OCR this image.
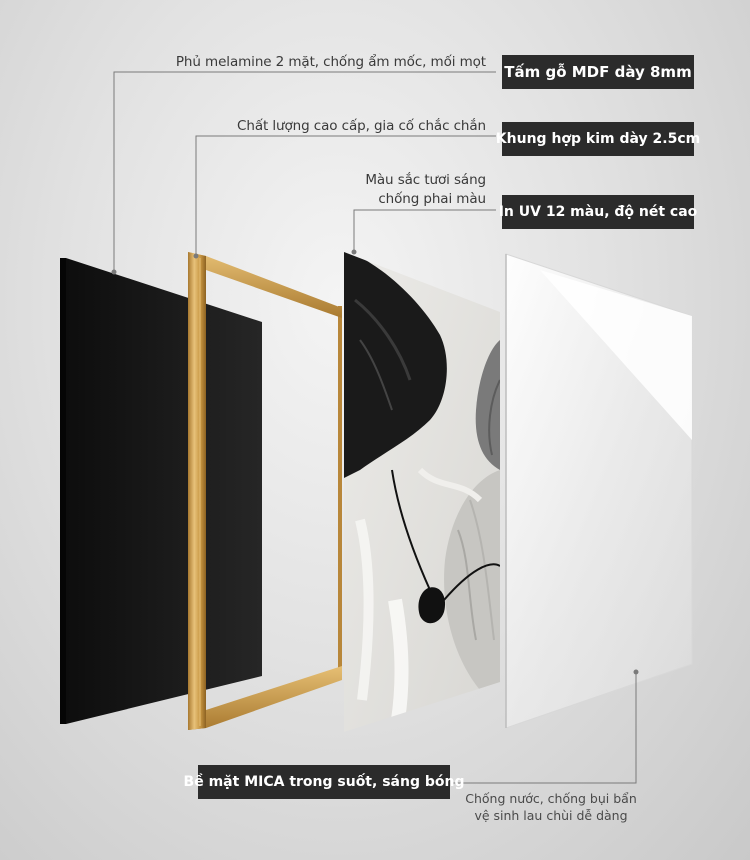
Phủ melamine 2 mặt, chống ẩm mốc, mối mọt
Tấm gỗ MDF dày 8mm
Chất lượng cao cấp, gia cố chắc chắn
Khung hợp kim dày 2.5cm
Màu sắc tươi sáng
chống phai màu
In UV 12 màu, độ nét cao
Bề mặt MICA trong suốt, sáng bóng
Chống nước, chống bụi bẩn
vệ sinh lau chùi dễ dàng
